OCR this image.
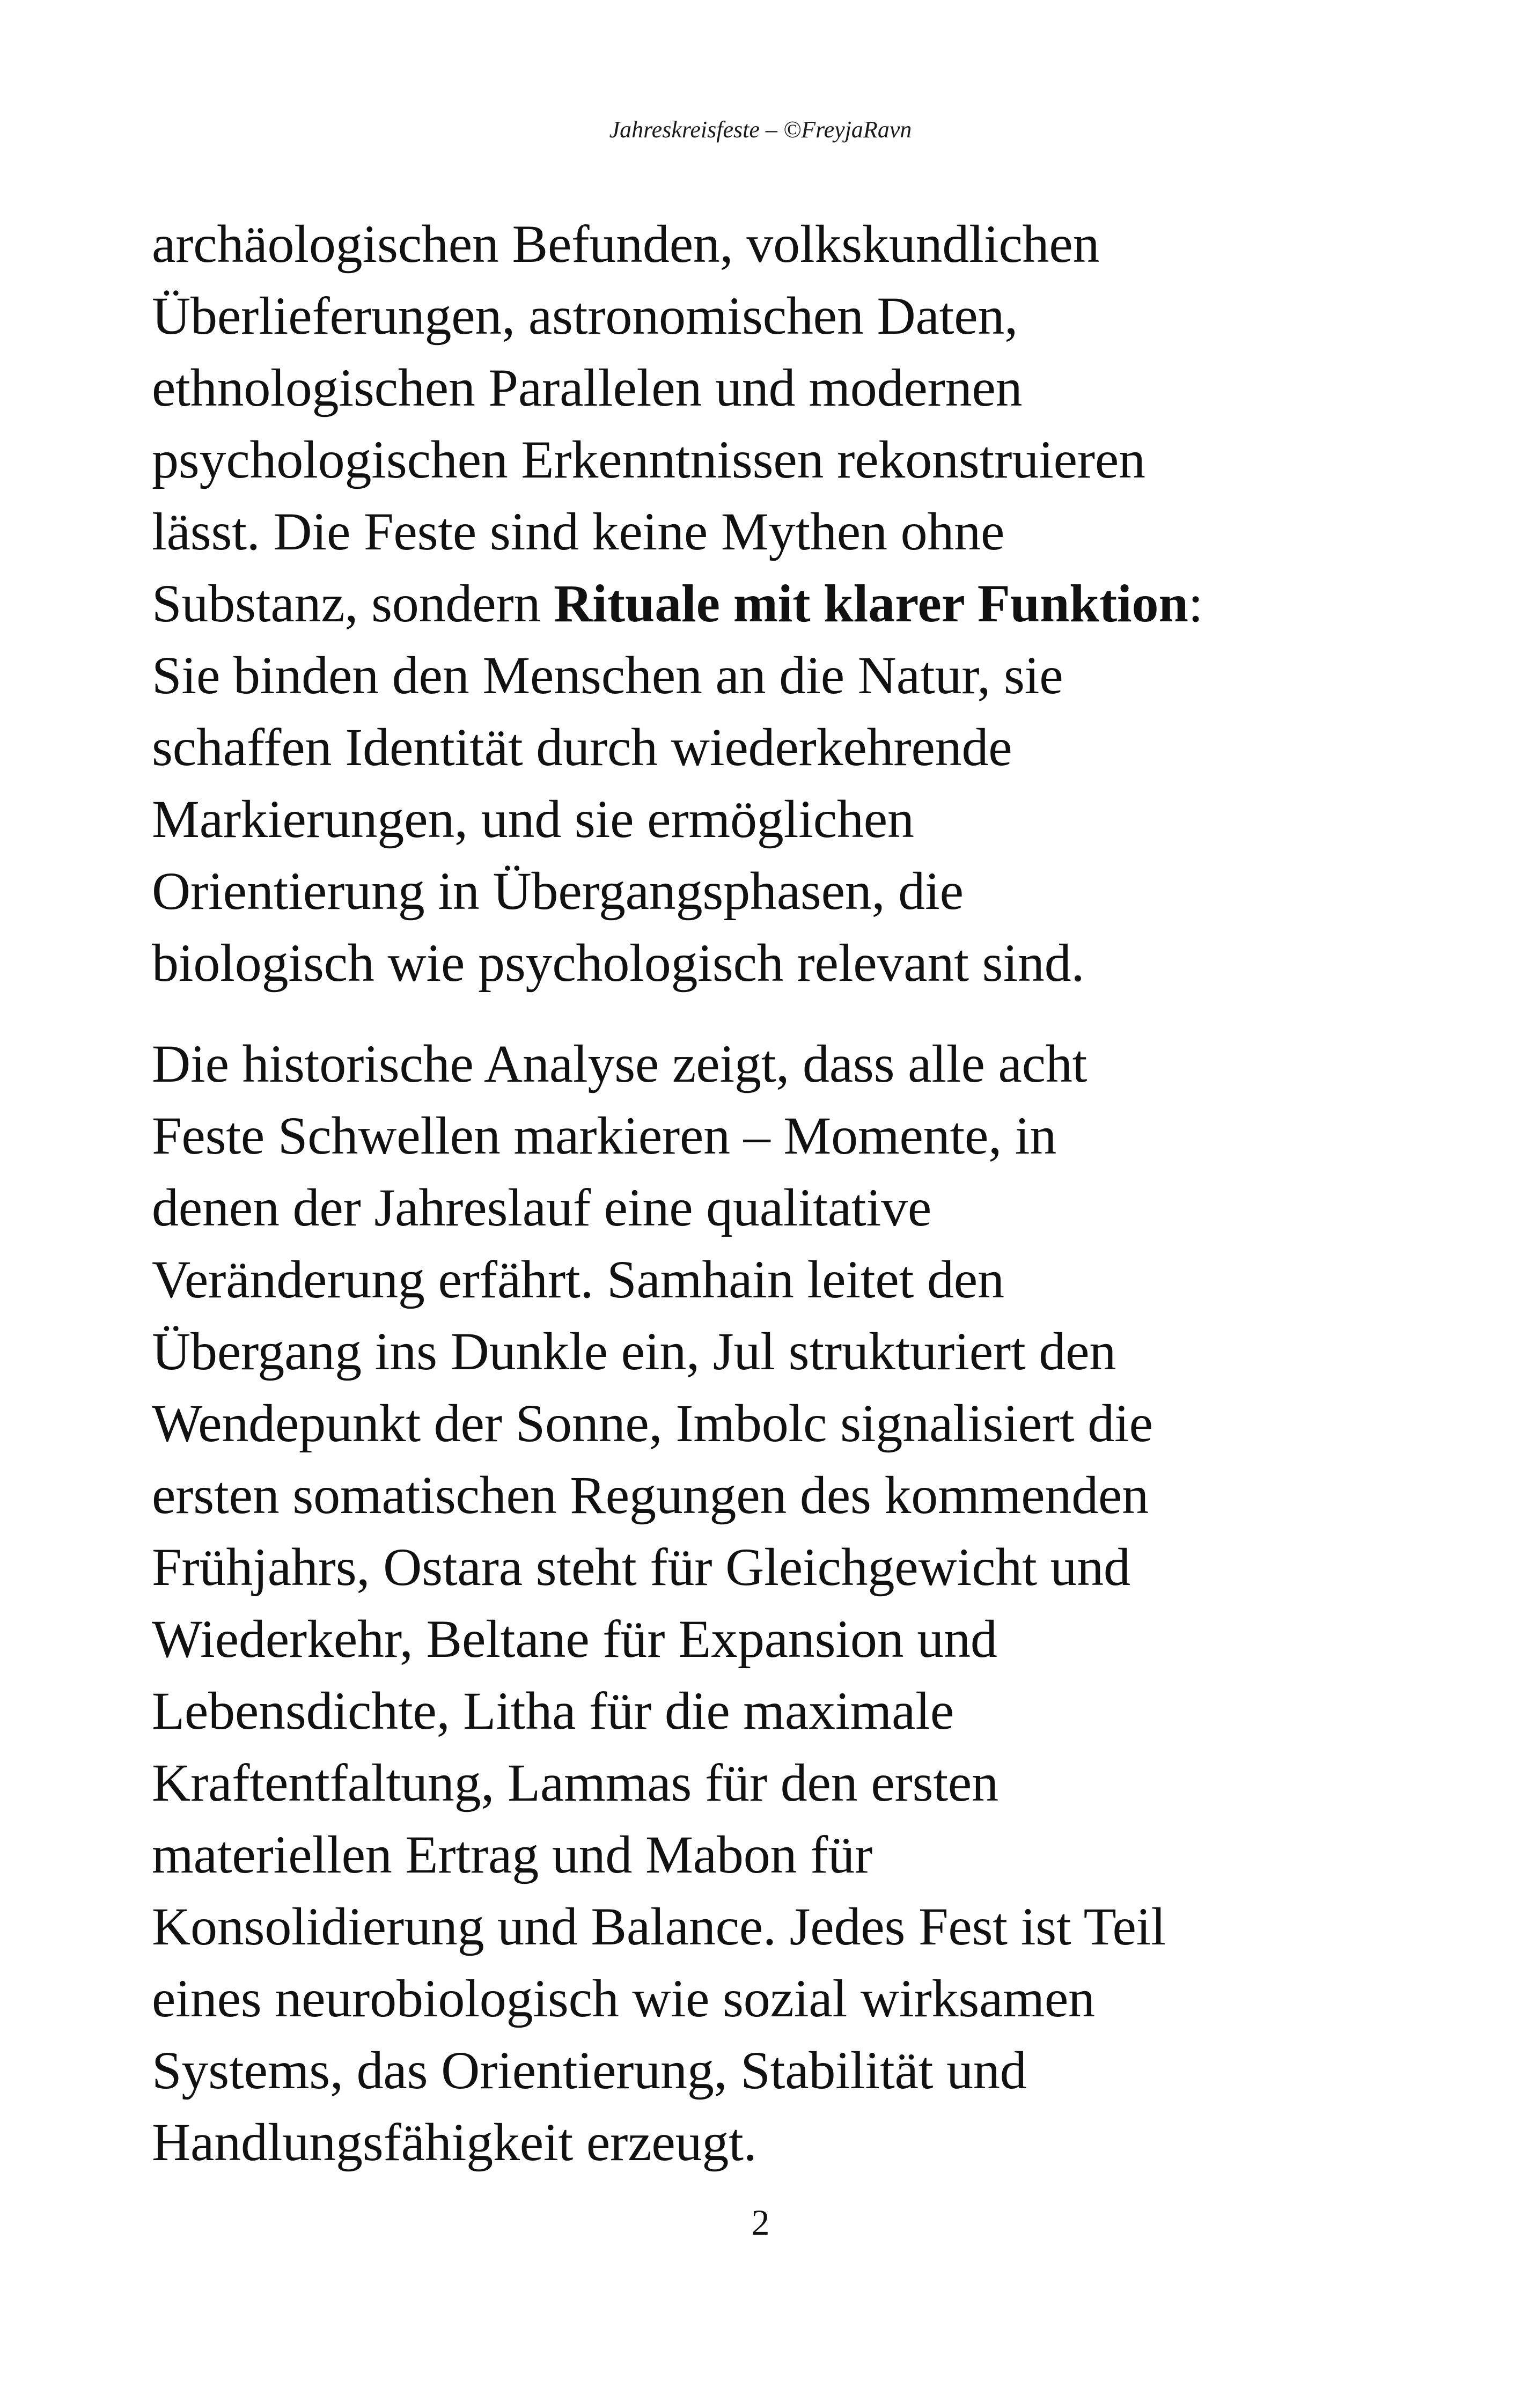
Jahreskreisfeste – ©FreyjaRavn
archäologischen Befunden, volkskundlichen
Überlieferungen, astronomischen Daten,
ethnologischen Parallelen und modernen
psychologischen Erkenntnissen rekonstruieren
lässt. Die Feste sind keine Mythen ohne
Substanz, sondern Rituale mit klarer Funktion:
Sie binden den Menschen an die Natur, sie
schaffen Identität durch wiederkehrende
Markierungen, und sie ermöglichen
Orientierung in Übergangsphasen, die
biologisch wie psychologisch relevant sind.
Die historische Analyse zeigt, dass alle acht
Feste Schwellen markieren – Momente, in
denen der Jahreslauf eine qualitative
Veränderung erfährt. Samhain leitet den
Übergang ins Dunkle ein, Jul strukturiert den
Wendepunkt der Sonne, Imbolc signalisiert die
ersten somatischen Regungen des kommenden
Frühjahrs, Ostara steht für Gleichgewicht und
Wiederkehr, Beltane für Expansion und
Lebensdichte, Litha für die maximale
Kraftentfaltung, Lammas für den ersten
materiellen Ertrag und Mabon für
Konsolidierung und Balance. Jedes Fest ist Teil
eines neurobiologisch wie sozial wirksamen
Systems, das Orientierung, Stabilität und
Handlungsfähigkeit erzeugt.
2
